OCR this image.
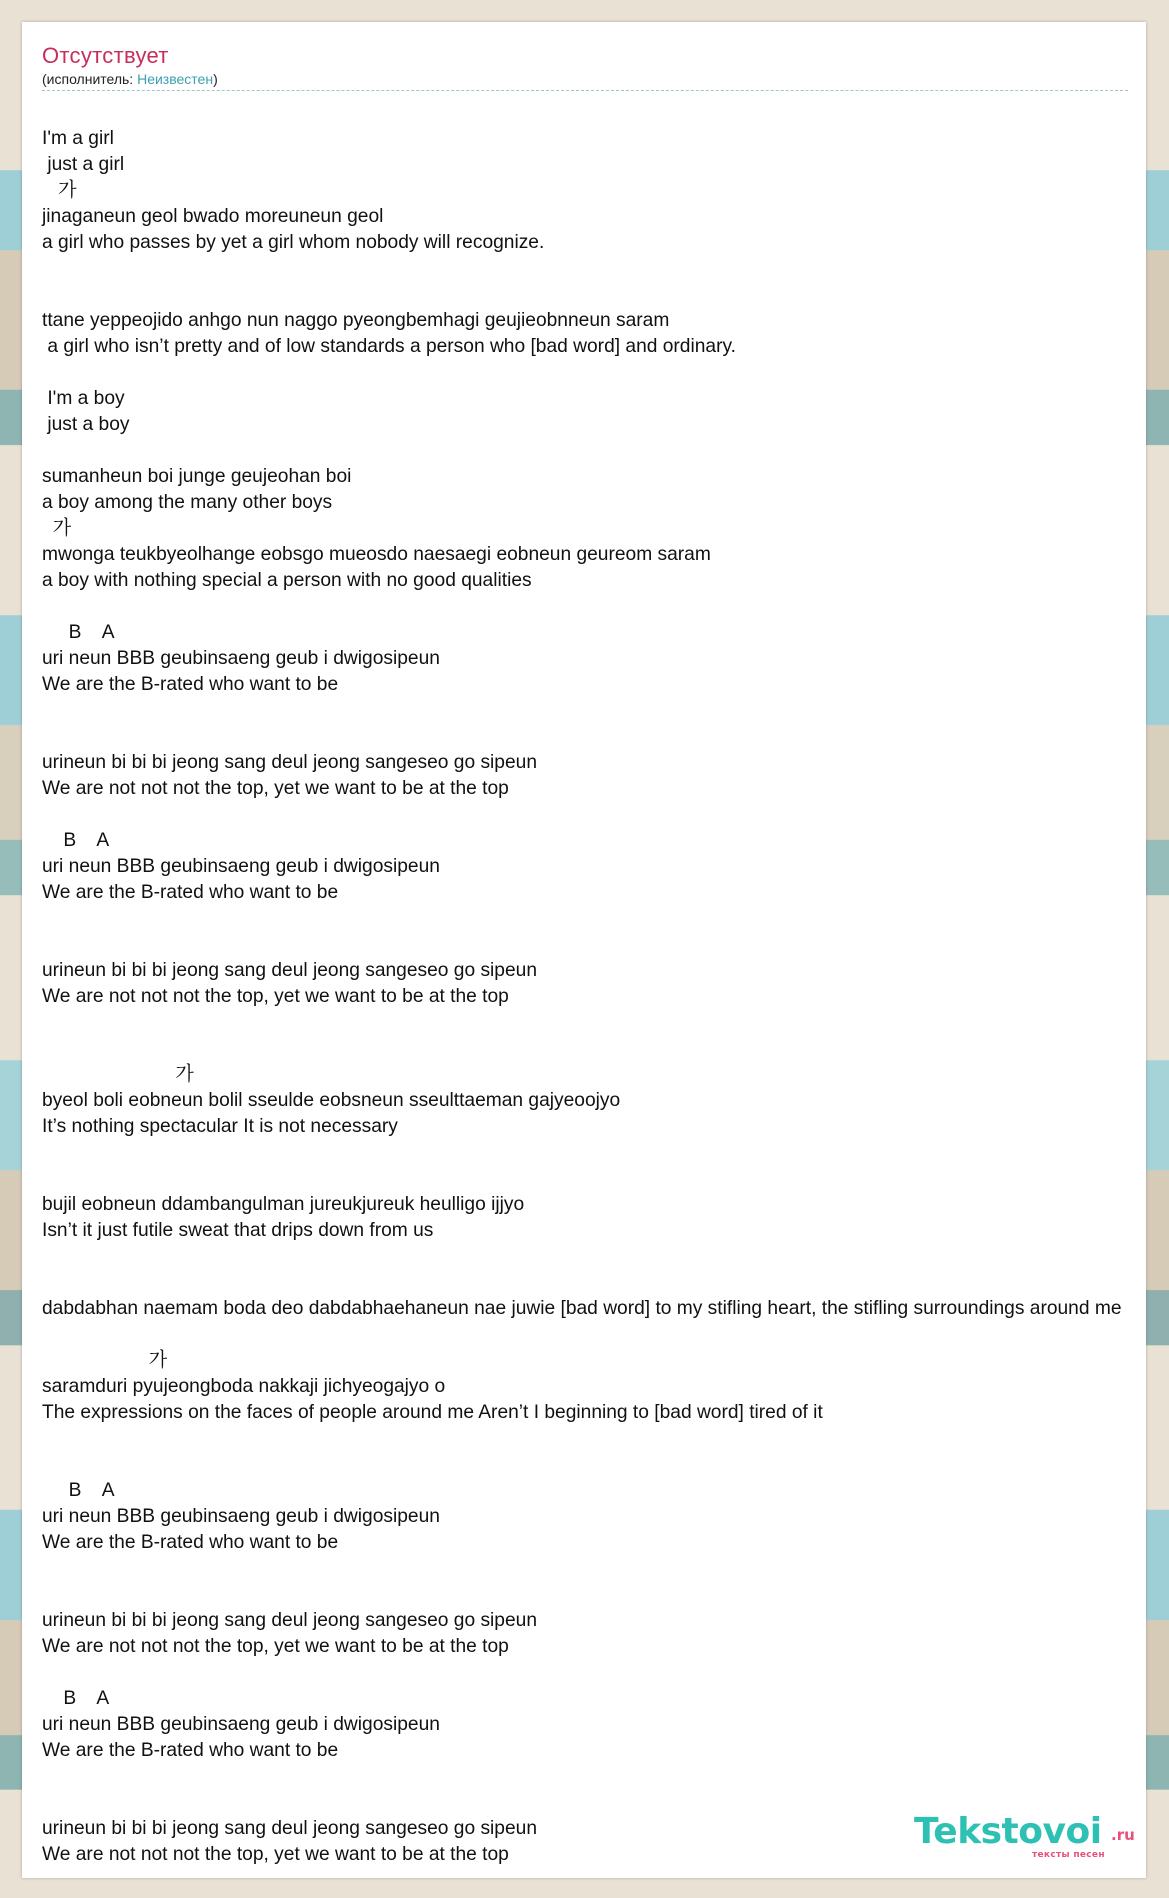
Отсутствует
(исполнитель: Неизвестен)
I'm a girl
just a girl
가
jinaganeun geol bwado moreuneun geol
a girl who passes by yet a girl whom nobody will recognize.
ttane yeppeojido anhgo nun naggo pyeongbemhagi geujieobnneun saram
a girl who isn’t pretty and of low standards a person who [bad word] and ordinary.
I'm a boy
just a boy
sumanheun boi junge geujeohan boi
a boy among the many other boys
가
mwonga teukbyeolhange eobsgo mueosdo naesaegi eobneun geureom saram
a boy with nothing special a person with no good qualities
B    A
uri neun BBB geubinsaeng geub i dwigosipeun
We are the B-rated who want to be
urineun bi bi bi jeong sang deul jeong sangeseo go sipeun
We are not not not the top, yet we want to be at the top
B    A
uri neun BBB geubinsaeng geub i dwigosipeun
We are the B-rated who want to be
urineun bi bi bi jeong sang deul jeong sangeseo go sipeun
We are not not not the top, yet we want to be at the top
가
byeol boli eobneun bolil sseulde eobsneun sseulttaeman gajyeoojyo
It’s nothing spectacular It is not necessary
bujil eobneun ddambangulman jureukjureuk heulligo ijjyo
Isn’t it just futile sweat that drips down from us
dabdabhan naemam boda deo dabdabhaehaneun nae juwie [bad word] to my stifling heart, the stifling surroundings around me
가
saramduri pyujeongboda nakkaji jichyeogajyo o
The expressions on the faces of people around me Aren’t I beginning to [bad word] tired of it
B    A
uri neun BBB geubinsaeng geub i dwigosipeun
We are the B-rated who want to be
urineun bi bi bi jeong sang deul jeong sangeseo go sipeun
We are not not not the top, yet we want to be at the top
B    A
uri neun BBB geubinsaeng geub i dwigosipeun
We are the B-rated who want to be
urineun bi bi bi jeong sang deul jeong sangeseo go sipeun
We are not not not the top, yet we want to be at the top
Tekstovoi .ru
тексты песен
